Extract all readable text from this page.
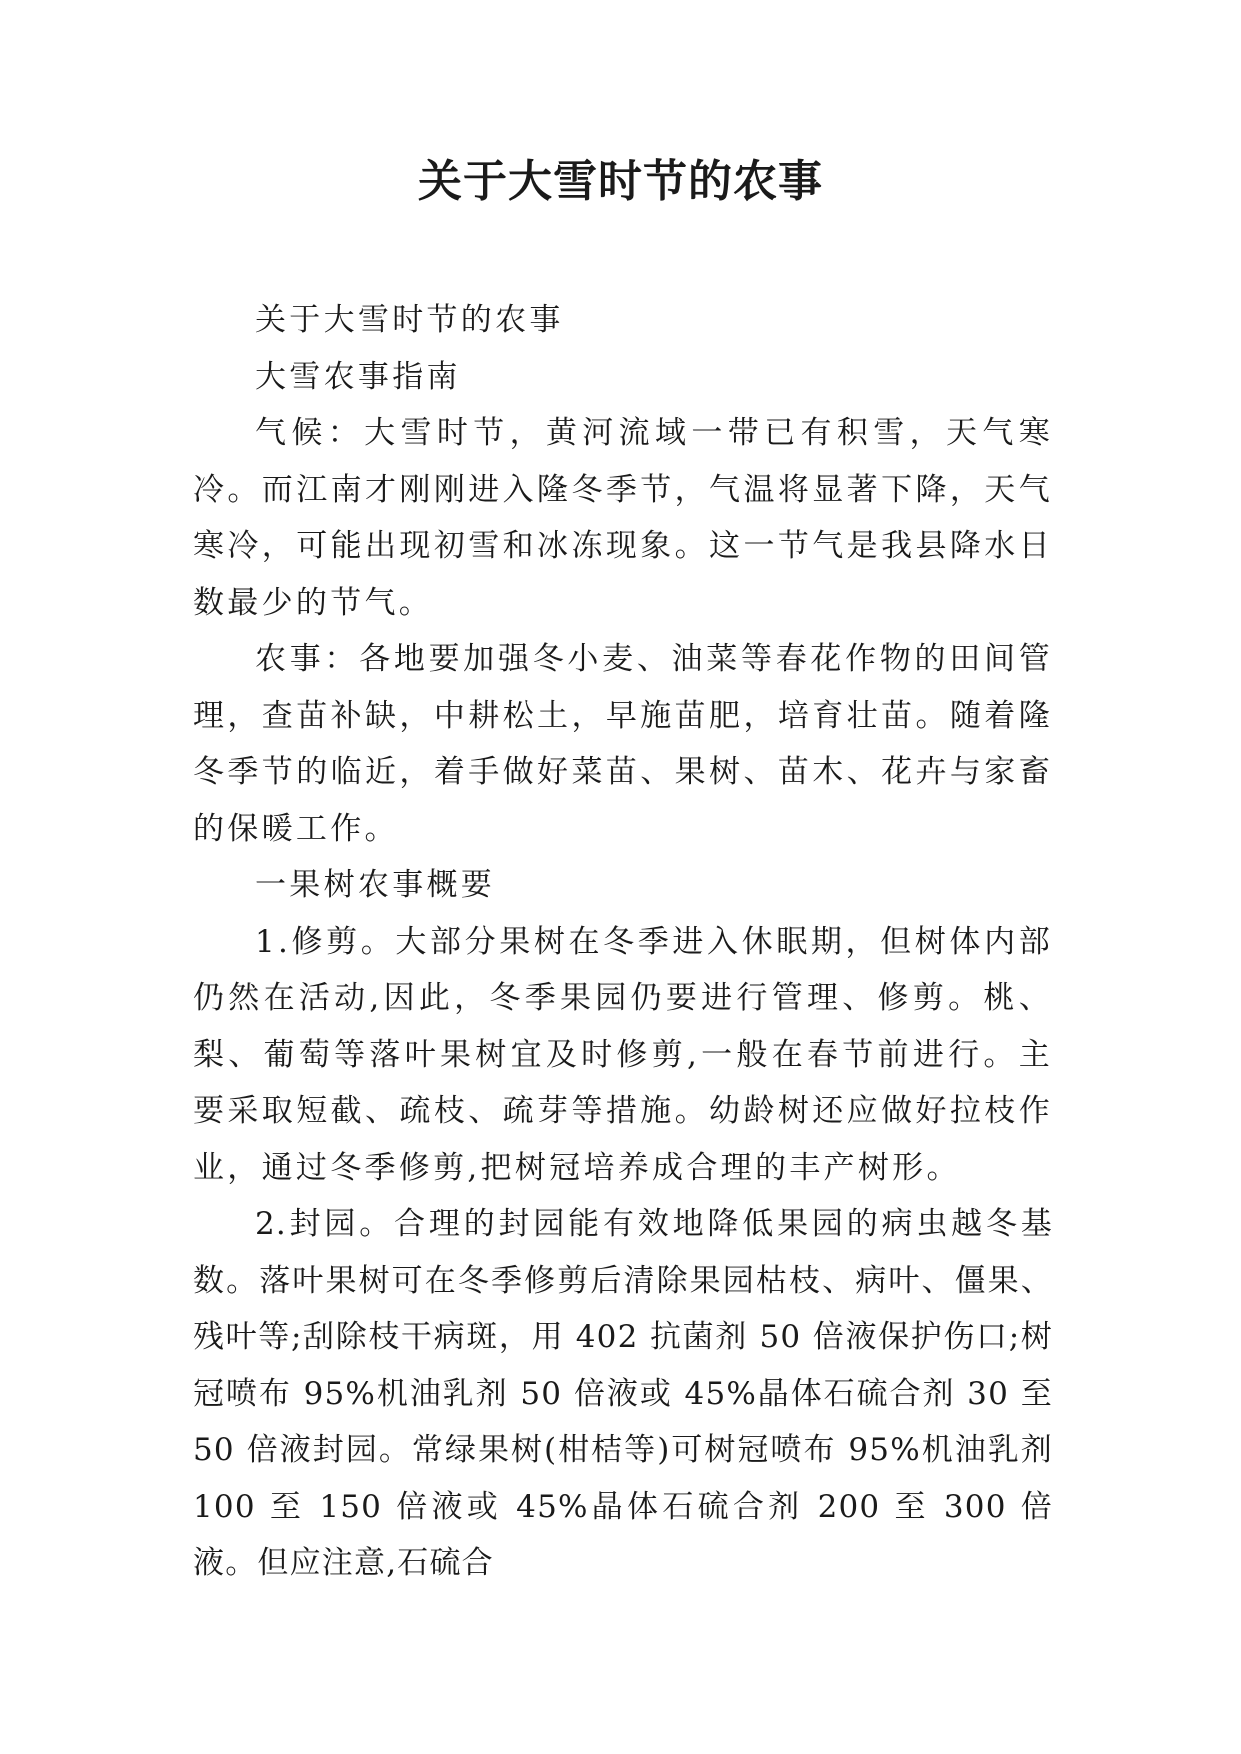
关于大雪时节的农事

关于大雪时节的农事

大雪农事指南

气候：大雪时节，黄河流域一带已有积雪，天气寒冷。而江南才刚刚进入隆冬季节，气温将显著下降，天气寒冷，可能出现初雪和冰冻现象。这一节气是我县降水日数最少的节气。

农事：各地要加强冬小麦、油菜等春花作物的田间管理，查苗补缺，中耕松土，早施苗肥，培育壮苗。随着隆冬季节的临近，着手做好菜苗、果树、苗木、花卉与家畜的保暖工作。

一果树农事概要

1.修剪。大部分果树在冬季进入休眠期，但树体内部仍然在活动,因此，冬季果园仍要进行管理、修剪。桃、梨、葡萄等落叶果树宜及时修剪,一般在春节前进行。主要采取短截、疏枝、疏芽等措施。幼龄树还应做好拉枝作业，通过冬季修剪,把树冠培养成合理的丰产树形。

2.封园。合理的封园能有效地降低果园的病虫越冬基数。落叶果树可在冬季修剪后清除果园枯枝、病叶、僵果、残叶等;刮除枝干病斑，用 402 抗菌剂 50 倍液保护伤口;树冠喷布 95%机油乳剂 50 倍液或 45%晶体石硫合剂 30 至 50 倍液封园。常绿果树(柑桔等)可树冠喷布 95%机油乳剂 100 至 150 倍液或 45%晶体石硫合剂 200 至 300 倍液。但应注意,石硫合
